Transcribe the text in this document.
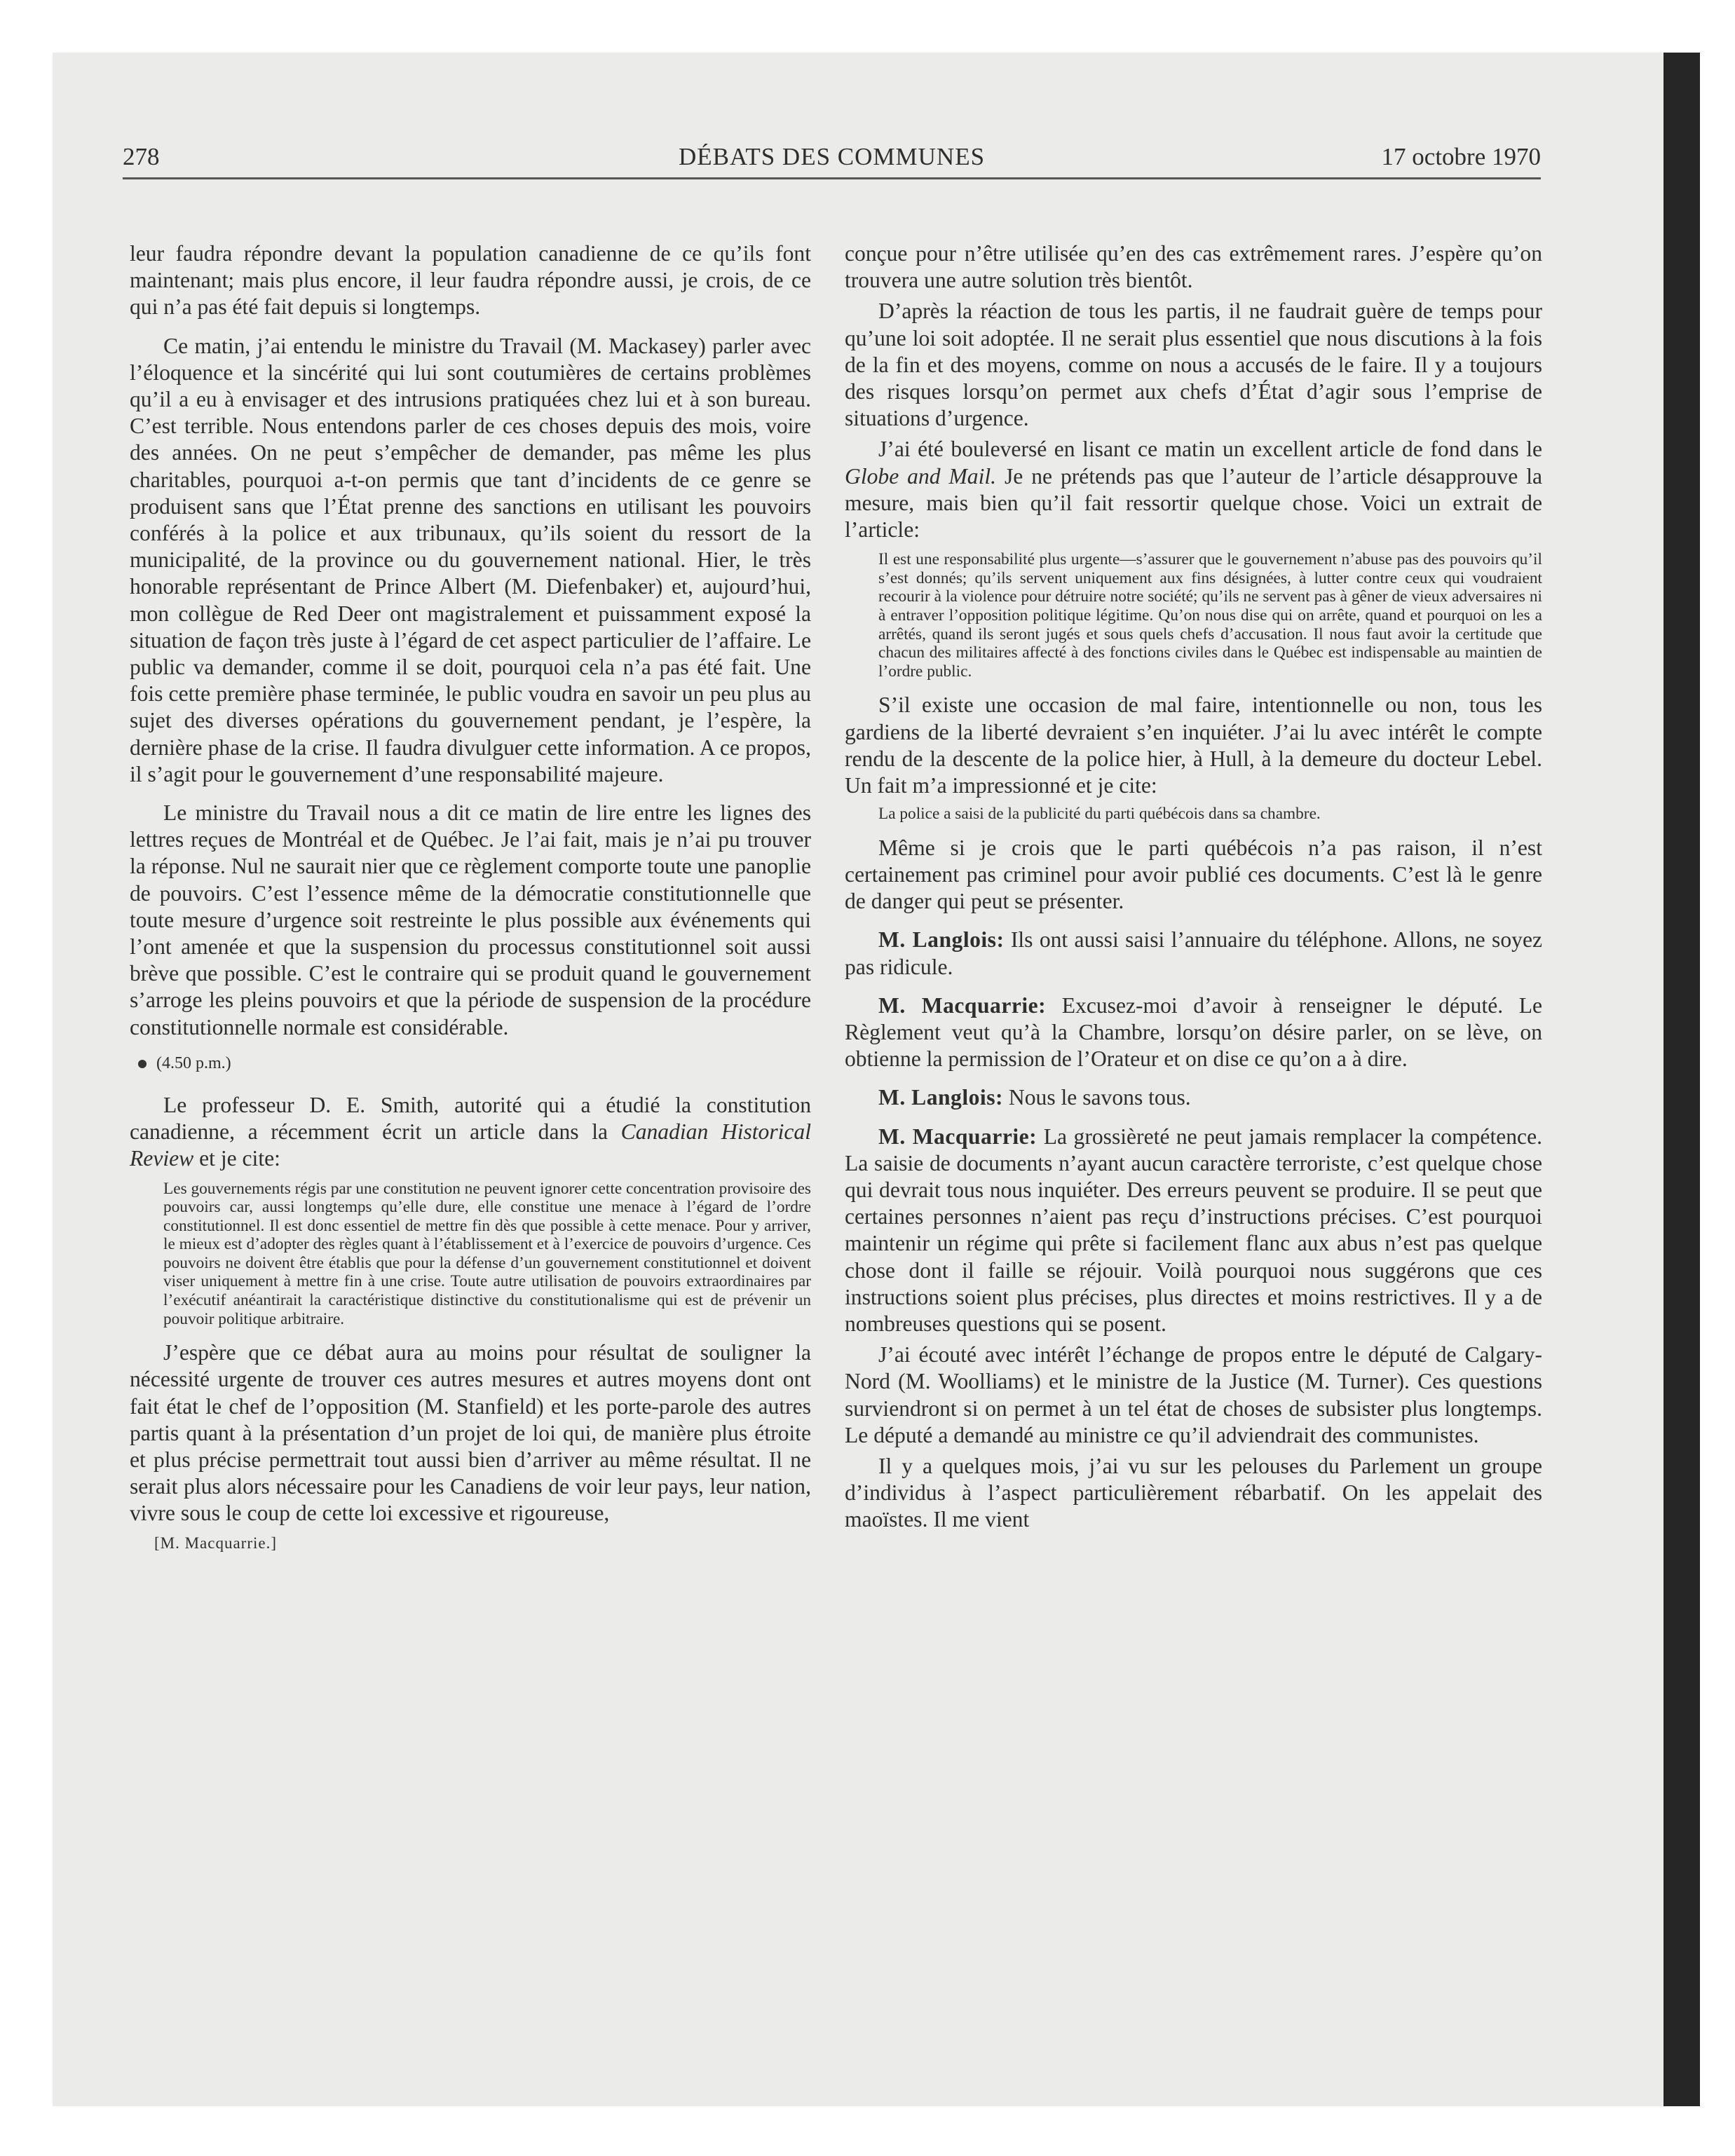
278	DÉBATS DES COMMUNES	17 octobre 1970

leur faudra répondre devant la population canadienne de ce qu’ils font maintenant; mais plus encore, il leur faudra répondre aussi, je crois, de ce qui n’a pas été fait depuis si longtemps.

Ce matin, j’ai entendu le ministre du Travail (M. Mackasey) parler avec l’éloquence et la sincérité qui lui sont coutumières de certains problèmes qu’il a eu à envisager et des intrusions pratiquées chez lui et à son bureau. C’est terrible. Nous entendons parler de ces choses depuis des mois, voire des années. On ne peut s’empêcher de demander, pas même les plus charitables, pourquoi a-t-on permis que tant d’incidents de ce genre se produisent sans que l’État prenne des sanctions en utilisant les pouvoirs conférés à la police et aux tribunaux, qu’ils soient du ressort de la municipalité, de la province ou du gouvernement national. Hier, le très honorable représentant de Prince Albert (M. Diefenbaker) et, aujourd’hui, mon collègue de Red Deer ont magistralement et puissamment exposé la situation de façon très juste à l’égard de cet aspect particulier de l’affaire. Le public va demander, comme il se doit, pourquoi cela n’a pas été fait. Une fois cette première phase terminée, le public voudra en savoir un peu plus au sujet des diverses opérations du gouvernement pendant, je l’espère, la dernière phase de la crise. Il faudra divulguer cette information. A ce propos, il s’agit pour le gouvernement d’une responsabilité majeure.

Le ministre du Travail nous a dit ce matin de lire entre les lignes des lettres reçues de Montréal et de Québec. Je l’ai fait, mais je n’ai pu trouver la réponse. Nul ne saurait nier que ce règlement comporte toute une panoplie de pouvoirs. C’est l’essence même de la démocratie constitutionnelle que toute mesure d’urgence soit restreinte le plus possible aux événements qui l’ont amenée et que la suspension du processus constitutionnel soit aussi brève que possible. C’est le contraire qui se produit quand le gouvernement s’arroge les pleins pouvoirs et que la période de suspension de la procédure constitutionnelle normale est considérable.

(4.50 p.m.)

Le professeur D. E. Smith, autorité qui a étudié la constitution canadienne, a récemment écrit un article dans la Canadian Historical Review et je cite:

Les gouvernements régis par une constitution ne peuvent ignorer cette concentration provisoire des pouvoirs car, aussi longtemps qu’elle dure, elle constitue une menace à l’égard de l’ordre constitutionnel. Il est donc essentiel de mettre fin dès que possible à cette menace. Pour y arriver, le mieux est d’adopter des règles quant à l’établissement et à l’exercice de pouvoirs d’urgence. Ces pouvoirs ne doivent être établis que pour la défense d’un gouvernement constitutionnel et doivent viser uniquement à mettre fin à une crise. Toute autre utilisation de pouvoirs extraordinaires par l’exécutif anéantirait la caractéristique distinctive du constitutionalisme qui est de prévenir un pouvoir politique arbitraire.

J’espère que ce débat aura au moins pour résultat de souligner la nécessité urgente de trouver ces autres mesures et autres moyens dont ont fait état le chef de l’opposition (M. Stanfield) et les porte-parole des autres partis quant à la présentation d’un projet de loi qui, de manière plus étroite et plus précise permettrait tout aussi bien d’arriver au même résultat. Il ne serait plus alors nécessaire pour les Canadiens de voir leur pays, leur nation, vivre sous le coup de cette loi excessive et rigoureuse,

[M. Macquarrie.]

conçue pour n’être utilisée qu’en des cas extrêmement rares. J’espère qu’on trouvera une autre solution très bientôt.

D’après la réaction de tous les partis, il ne faudrait guère de temps pour qu’une loi soit adoptée. Il ne serait plus essentiel que nous discutions à la fois de la fin et des moyens, comme on nous a accusés de le faire. Il y a toujours des risques lorsqu’on permet aux chefs d’État d’agir sous l’emprise de situations d’urgence.

J’ai été bouleversé en lisant ce matin un excellent article de fond dans le Globe and Mail. Je ne prétends pas que l’auteur de l’article désapprouve la mesure, mais bien qu’il fait ressortir quelque chose. Voici un extrait de l’article:

Il est une responsabilité plus urgente—s’assurer que le gouvernement n’abuse pas des pouvoirs qu’il s’est donnés; qu’ils servent uniquement aux fins désignées, à lutter contre ceux qui voudraient recourir à la violence pour détruire notre société; qu’ils ne servent pas à gêner de vieux adversaires ni à entraver l’opposition politique légitime. Qu’on nous dise qui on arrête, quand et pourquoi on les a arrêtés, quand ils seront jugés et sous quels chefs d’accusation. Il nous faut avoir la certitude que chacun des militaires affecté à des fonctions civiles dans le Québec est indispensable au maintien de l’ordre public.

S’il existe une occasion de mal faire, intentionnelle ou non, tous les gardiens de la liberté devraient s’en inquiéter. J’ai lu avec intérêt le compte rendu de la descente de la police hier, à Hull, à la demeure du docteur Lebel. Un fait m’a impressionné et je cite:

La police a saisi de la publicité du parti québécois dans sa chambre.

Même si je crois que le parti québécois n’a pas raison, il n’est certainement pas criminel pour avoir publié ces documents. C’est là le genre de danger qui peut se présenter.

M. Langlois: Ils ont aussi saisi l’annuaire du téléphone. Allons, ne soyez pas ridicule.

M. Macquarrie: Excusez-moi d’avoir à renseigner le député. Le Règlement veut qu’à la Chambre, lorsqu’on désire parler, on se lève, on obtienne la permission de l’Orateur et on dise ce qu’on a à dire.

M. Langlois: Nous le savons tous.

M. Macquarrie: La grossièreté ne peut jamais remplacer la compétence. La saisie de documents n’ayant aucun caractère terroriste, c’est quelque chose qui devrait tous nous inquiéter. Des erreurs peuvent se produire. Il se peut que certaines personnes n’aient pas reçu d’instructions précises. C’est pourquoi maintenir un régime qui prête si facilement flanc aux abus n’est pas quelque chose dont il faille se réjouir. Voilà pourquoi nous suggérons que ces instructions soient plus précises, plus directes et moins restrictives. Il y a de nombreuses questions qui se posent.

J’ai écouté avec intérêt l’échange de propos entre le député de Calgary-Nord (M. Woolliams) et le ministre de la Justice (M. Turner). Ces questions surviendront si on permet à un tel état de choses de subsister plus longtemps. Le député a demandé au ministre ce qu’il adviendrait des communistes.

Il y a quelques mois, j’ai vu sur les pelouses du Parlement un groupe d’individus à l’aspect particulièrement rébarbatif. On les appelait des maoïstes. Il me vient
